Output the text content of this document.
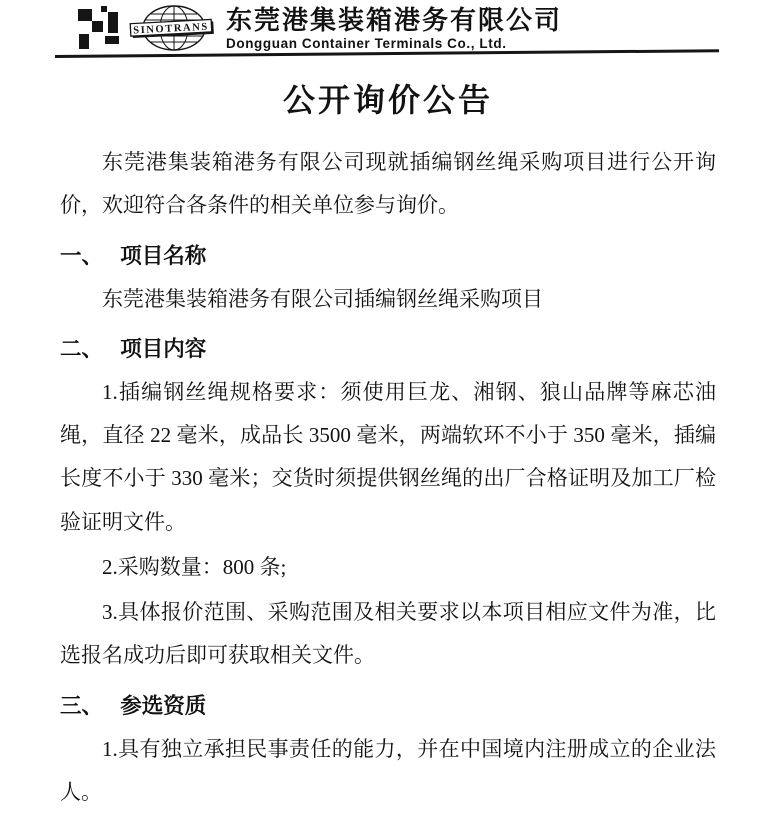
SINOTRANS 东莞港集装箱港务有限公司
Dongguan Container Terminals Co., Ltd.
公开询价公告

东莞港集装箱港务有限公司现就插编钢丝绳采购项目进行公开询价，欢迎符合各条件的相关单位参与询价。

一、 项目名称

东莞港集装箱港务有限公司插编钢丝绳采购项目

二、 项目内容

1.插编钢丝绳规格要求：须使用巨龙、湘钢、狼山品牌等麻芯油绳，直径 22 毫米，成品长 3500 毫米，两端软环不小于 350 毫米，插编长度不小于 330 毫米；交货时须提供钢丝绳的出厂合格证明及加工厂检验证明文件。

2.采购数量：800 条;

3.具体报价范围、采购范围及相关要求以本项目相应文件为准，比选报名成功后即可获取相关文件。

三、 参选资质

1.具有独立承担民事责任的能力，并在中国境内注册成立的企业法人。
